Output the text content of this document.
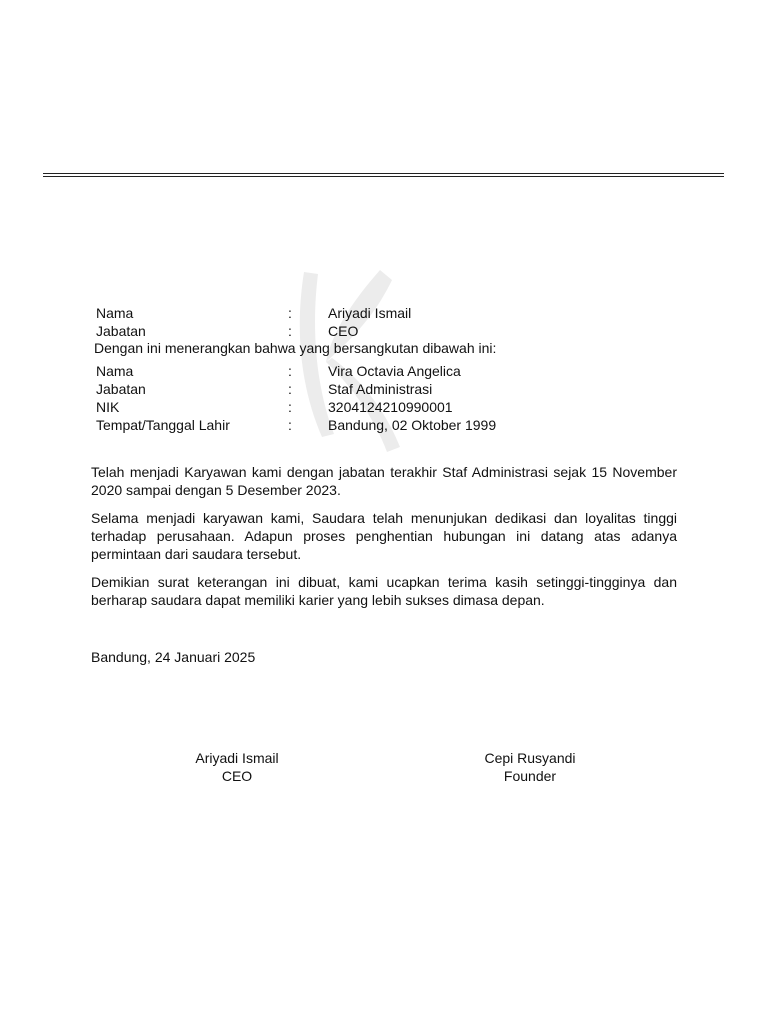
Nama	:	Ariyadi Ismail
Jabatan	:	CEO
Dengan ini menerangkan bahwa yang bersangkutan dibawah ini:
Nama	:	Vira Octavia Angelica
Jabatan	:	Staf Administrasi
NIK	:	3204124210990001
Tempat/Tanggal Lahir	:	Bandung, 02 Oktober 1999

Telah menjadi Karyawan kami dengan jabatan terakhir Staf Administrasi sejak 15 November 2020 sampai dengan 5 Desember 2023.

Selama menjadi karyawan kami, Saudara telah menunjukan dedikasi dan loyalitas tinggi terhadap perusahaan. Adapun proses penghentian hubungan ini datang atas adanya permintaan dari saudara tersebut.

Demikian surat keterangan ini dibuat, kami ucapkan terima kasih setinggi-tingginya dan berharap saudara dapat memiliki karier yang lebih sukses dimasa depan.

Bandung, 24 Januari 2025
Ariyadi Ismail
CEO
Cepi Rusyandi
Founder
